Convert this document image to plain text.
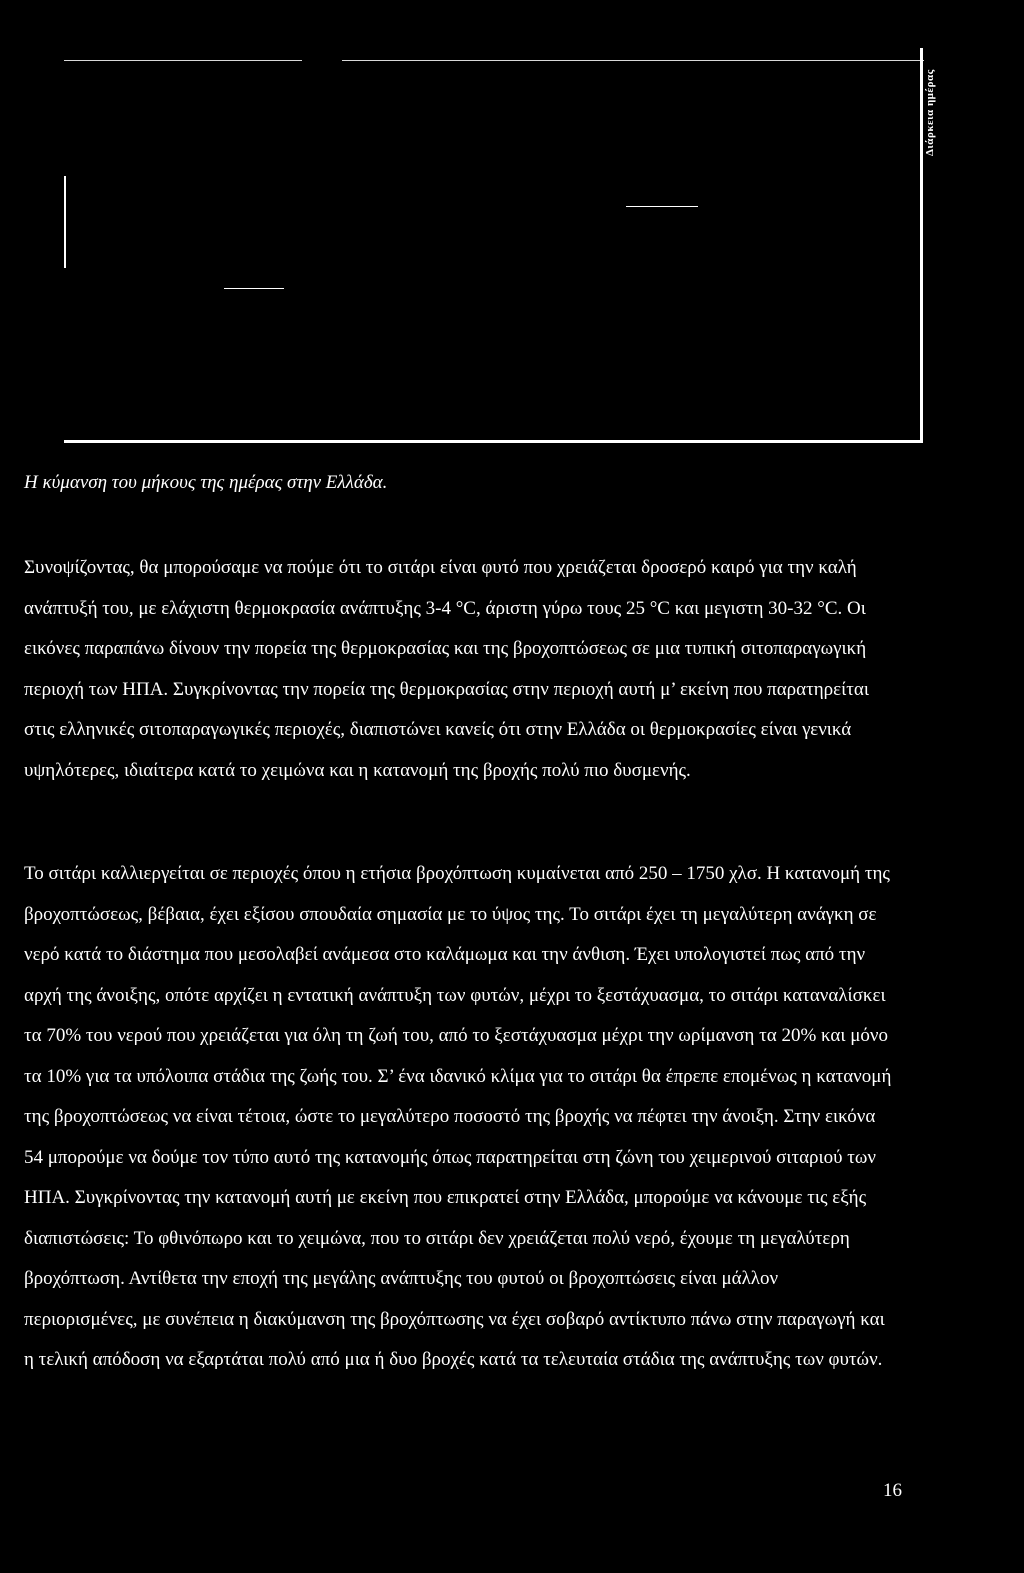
Διάρκεια ημέρας
Η κύμανση του μήκους της ημέρας στην Ελλάδα.

Συνοψίζοντας, θα μπορούσαμε να πούμε ότι το σιτάρι είναι φυτό που χρειάζεται δροσερό καιρό για την καλή ανάπτυξή του, με ελάχιστη θερμοκρασία ανάπτυξης 3-4 °C, άριστη γύρω τους 25 °C και μεγιστη 30-32 °C. Οι εικόνες παραπάνω δίνουν την πορεία της θερμοκρασίας και της βροχοπτώσεως σε μια τυπική σιτοπαραγωγική περιοχή των ΗΠΑ. Συγκρίνοντας την πορεία της θερμοκρασίας στην περιοχή αυτή μ’ εκείνη που παρατηρείται στις ελληνικές σιτοπαραγωγικές περιοχές, διαπιστώνει κανείς ότι στην Ελλάδα οι θερμοκρασίες είναι γενικά υψηλότερες, ιδιαίτερα κατά το χειμώνα και η κατανομή της βροχής πολύ πιο δυσμενής.

Το σιτάρι καλλιεργείται σε περιοχές όπου η ετήσια βροχόπτωση κυμαίνεται από 250 – 1750 χλσ. Η κατανομή της βροχοπτώσεως, βέβαια, έχει εξίσου σπουδαία σημασία με το ύψος της. Το σιτάρι έχει τη μεγαλύτερη ανάγκη σε νερό κατά το διάστημα που μεσολαβεί ανάμεσα στο καλάμωμα και την άνθιση. Έχει υπολογιστεί πως από την αρχή της άνοιξης, οπότε αρχίζει η εντατική ανάπτυξη των φυτών, μέχρι το ξεστάχυασμα, το σιτάρι καταναλίσκει τα 70% του νερού που χρειάζεται για όλη τη ζωή του, από το ξεστάχυασμα μέχρι την ωρίμανση τα 20% και μόνο τα 10% για τα υπόλοιπα στάδια της ζωής του. Σ’ ένα ιδανικό κλίμα για το σιτάρι θα έπρεπε επομένως η κατανομή της βροχοπτώσεως να είναι τέτοια, ώστε το μεγαλύτερο ποσοστό της βροχής να πέφτει την άνοιξη. Στην εικόνα 54 μπορούμε να δούμε τον τύπο αυτό της κατανομής όπως παρατηρείται στη ζώνη του χειμερινού σιταριού των ΗΠΑ. Συγκρίνοντας την κατανομή αυτή με εκείνη που επικρατεί στην Ελλάδα, μπορούμε να κάνουμε τις εξής διαπιστώσεις: Το φθινόπωρο και το χειμώνα, που το σιτάρι δεν χρειάζεται πολύ νερό, έχουμε τη μεγαλύτερη βροχόπτωση. Αντίθετα την εποχή της μεγάλης ανάπτυξης του φυτού οι βροχοπτώσεις είναι μάλλον περιορισμένες, με συνέπεια η διακύμανση της βροχόπτωσης να έχει σοβαρό αντίκτυπο πάνω στην παραγωγή και η τελική απόδοση να εξαρτάται πολύ από μια ή δυο βροχές κατά τα τελευταία στάδια της ανάπτυξης των φυτών.

16
